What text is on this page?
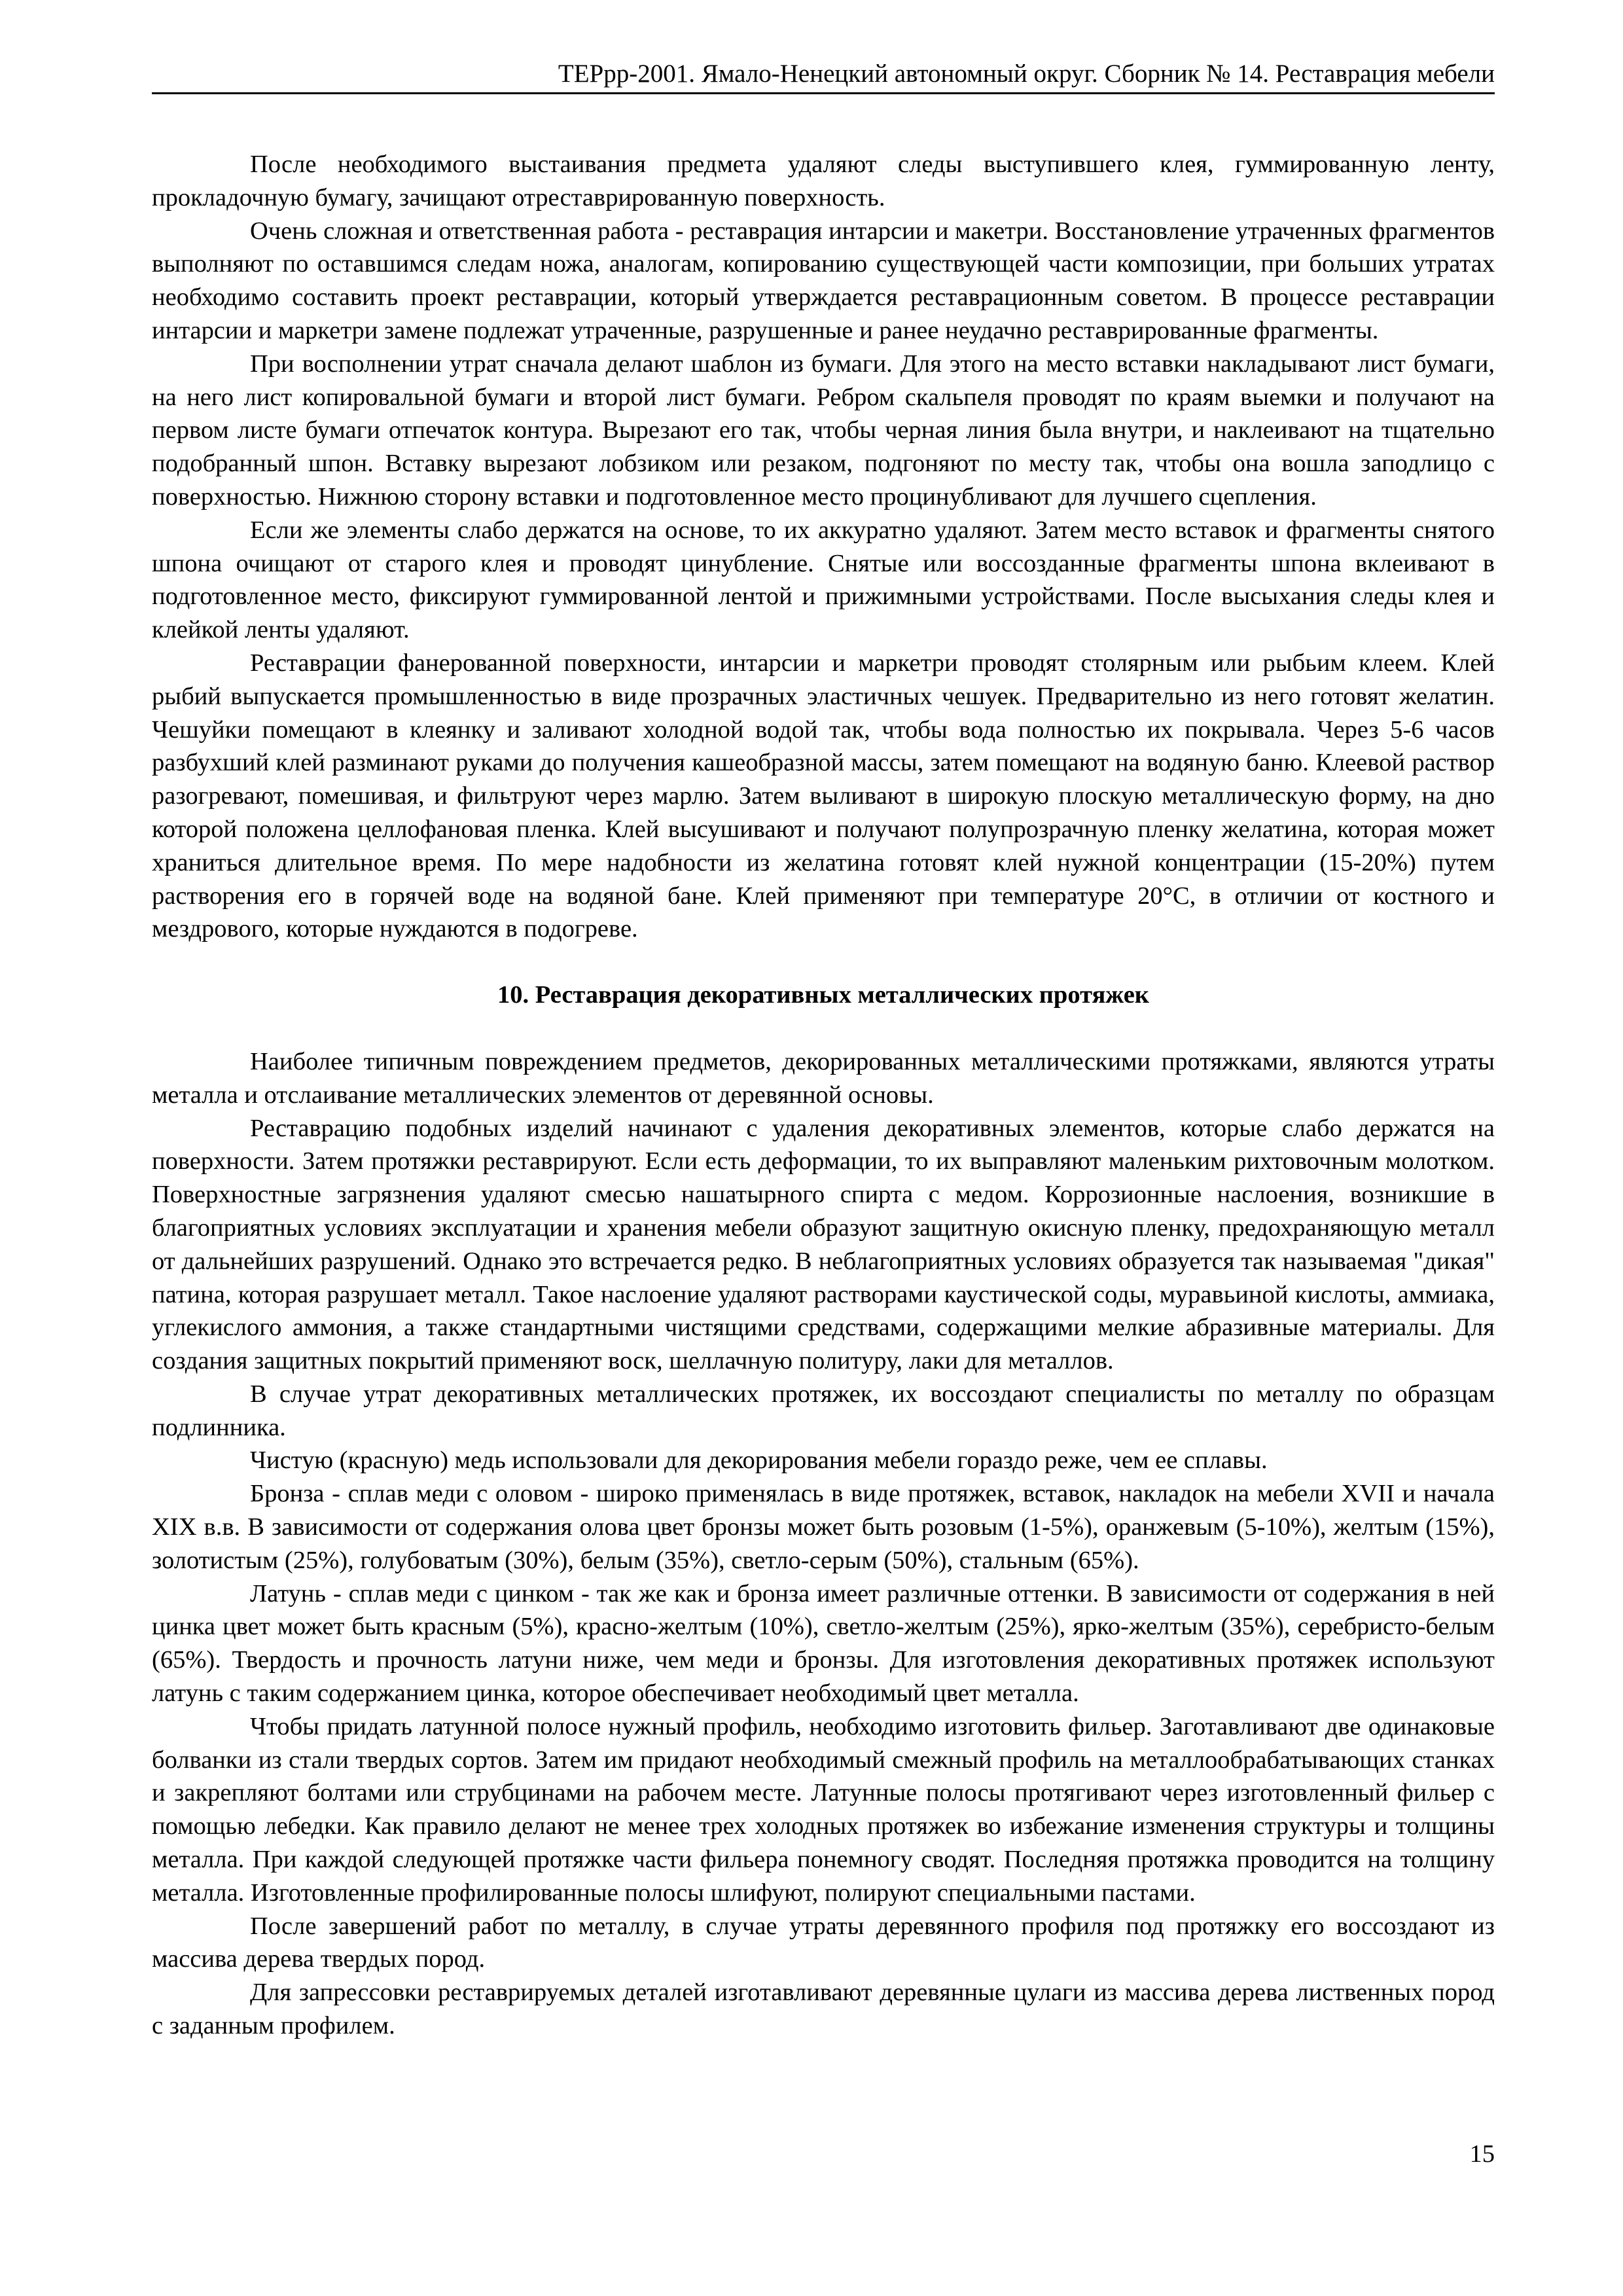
ТЕРрр-2001. Ямало-Ненецкий автономный округ. Сборник № 14. Реставрация мебели

После необходимого выстаивания предмета удаляют следы выступившего клея, гуммированную ленту, прокладочную бумагу, зачищают отреставрированную поверхность.

Очень сложная и ответственная работа - реставрация интарсии и макетри. Восстановление утраченных фрагментов выполняют по оставшимся следам ножа, аналогам, копированию существующей части композиции, при больших утратах необходимо составить проект реставрации, который утверждается реставрационным советом. В процессе реставрации интарсии и маркетри замене подлежат утраченные, разрушенные и ранее неудачно реставрированные фрагменты.

При восполнении утрат сначала делают шаблон из бумаги. Для этого на место вставки накладывают лист бумаги, на него лист копировальной бумаги и второй лист бумаги. Ребром скальпеля проводят по краям выемки и получают на первом листе бумаги отпечаток контура. Вырезают его так, чтобы черная линия была внутри, и наклеивают на тщательно подобранный шпон. Вставку вырезают лобзиком или резаком, подгоняют по месту так, чтобы она вошла заподлицо с поверхностью. Нижнюю сторону вставки и подготовленное место процинубливают для лучшего сцепления.

Если же элементы слабо держатся на основе, то их аккуратно удаляют. Затем место вставок и фрагменты снятого шпона очищают от старого клея и проводят цинубление. Снятые или воссозданные фрагменты шпона вклеивают в подготовленное место, фиксируют гуммированной лентой и прижимными устройствами. После высыхания следы клея и клейкой ленты удаляют.

Реставрации фанерованной поверхности, интарсии и маркетри проводят столярным или рыбьим клеем. Клей рыбий выпускается промышленностью в виде прозрачных эластичных чешуек. Предварительно из него готовят желатин. Чешуйки помещают в клеянку и заливают холодной водой так, чтобы вода полностью их покрывала. Через 5-6 часов разбухший клей разминают руками до получения кашеобразной массы, затем помещают на водяную баню. Клеевой раствор разогревают, помешивая, и фильтруют через марлю. Затем выливают в широкую плоскую металлическую форму, на дно которой положена целлофановая пленка. Клей высушивают и получают полупрозрачную пленку желатина, которая может храниться длительное время. По мере надобности из желатина готовят клей нужной концентрации (15-20%) путем растворения его в горячей воде на водяной бане. Клей применяют при температуре 20°С, в отличии от костного и мездрового, которые нуждаются в подогреве.

10. Реставрация декоративных металлических протяжек

Наиболее типичным повреждением предметов, декорированных металлическими протяжками, являются утраты металла и отслаивание металлических элементов от деревянной основы.

Реставрацию подобных изделий начинают с удаления декоративных элементов, которые слабо держатся на поверхности. Затем протяжки реставрируют. Если есть деформации, то их выправляют маленьким рихтовочным молотком. Поверхностные загрязнения удаляют смесью нашатырного спирта с медом. Коррозионные наслоения, возникшие в благоприятных условиях эксплуатации и хранения мебели образуют защитную окисную пленку, предохраняющую металл от дальнейших разрушений. Однако это встречается редко. В неблагоприятных условиях образуется так называемая "дикая" патина, которая разрушает металл. Такое наслоение удаляют растворами каустической соды, муравьиной кислоты, аммиака, углекислого аммония, а также стандартными чистящими средствами, содержащими мелкие абразивные материалы. Для создания защитных покрытий применяют воск, шеллачную политуру, лаки для металлов.

В случае утрат декоративных металлических протяжек, их воссоздают специалисты по металлу по образцам подлинника.

Чистую (красную) медь использовали для декорирования мебели гораздо реже, чем ее сплавы.

Бронза - сплав меди с оловом - широко применялась в виде протяжек, вставок, накладок на мебели XVII и начала XIX в.в. В зависимости от содержания олова цвет бронзы может быть розовым (1-5%), оранжевым (5-10%), желтым (15%), золотистым (25%), голубоватым (30%), белым (35%), светло-серым (50%), стальным (65%).

Латунь - сплав меди с цинком - так же как и бронза имеет различные оттенки. В зависимости от содержания в ней цинка цвет может быть красным (5%), красно-желтым (10%), светло-желтым (25%), ярко-желтым (35%), серебристо-белым (65%). Твердость и прочность латуни ниже, чем меди и бронзы. Для изготовления декоративных протяжек используют латунь с таким содержанием цинка, которое обеспечивает необходимый цвет металла.

Чтобы придать латунной полосе нужный профиль, необходимо изготовить фильер. Заготавливают две одинаковые болванки из стали твердых сортов. Затем им придают необходимый смежный профиль на металлообрабатывающих станках и закрепляют болтами или струбцинами на рабочем месте. Латунные полосы протягивают через изготовленный фильер с помощью лебедки. Как правило делают не менее трех холодных протяжек во избежание изменения структуры и толщины металла. При каждой следующей протяжке части фильера понемногу сводят. Последняя протяжка проводится на толщину металла. Изготовленные профилированные полосы шлифуют, полируют специальными пастами.

После завершений работ по металлу, в случае утраты деревянного профиля под протяжку его воссоздают из массива дерева твердых пород.

Для запрессовки реставрируемых деталей изготавливают деревянные цулаги из массива дерева лиственных пород с заданным профилем.

15
